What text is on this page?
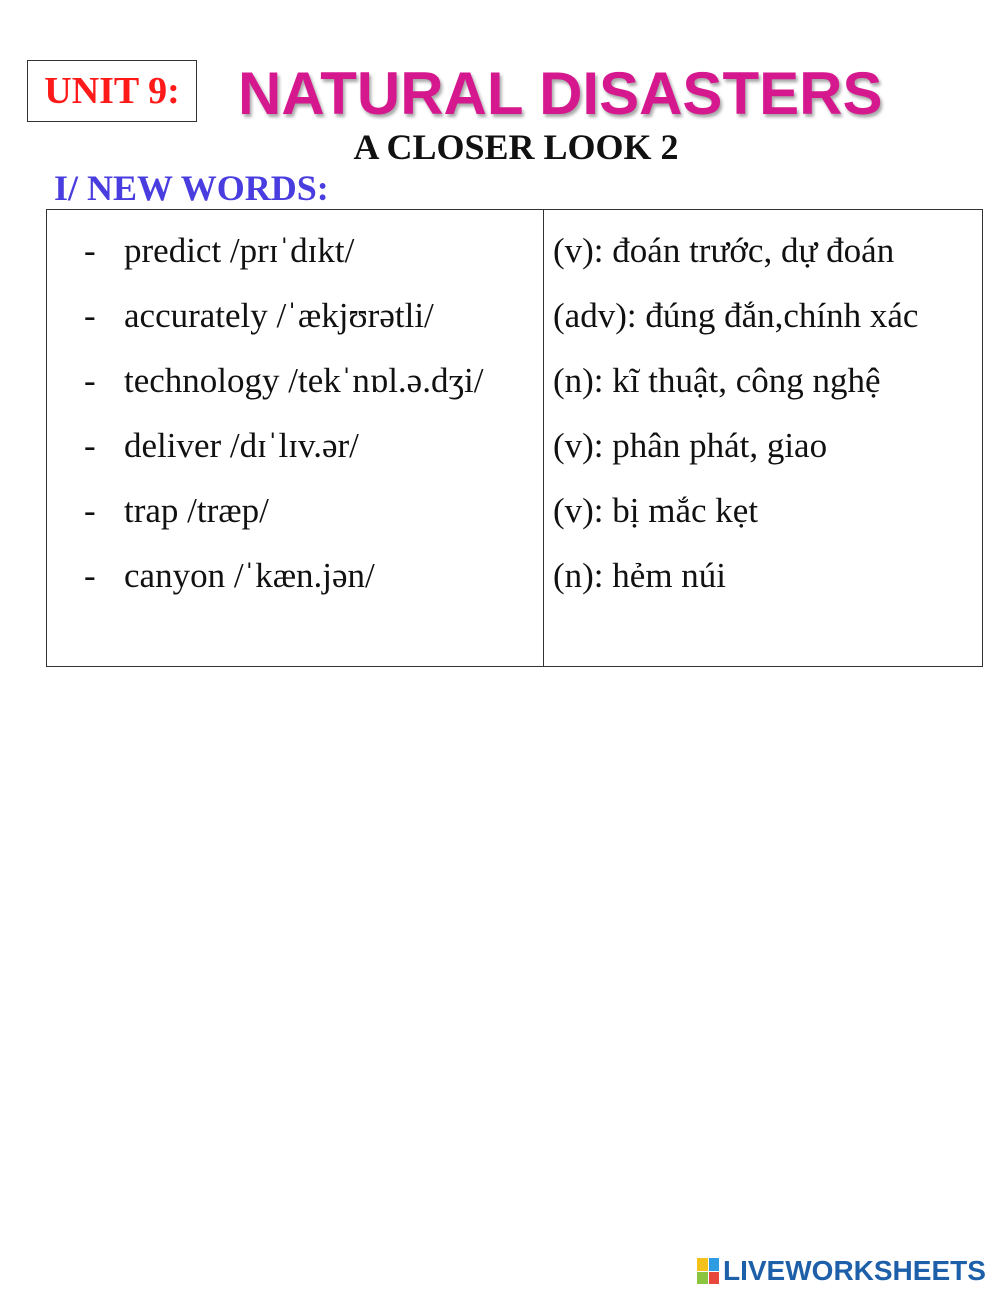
UNIT 9: NATURAL DISASTERS
A CLOSER LOOK 2
I/ NEW WORDS:
- predict /prɪˈdɪkt/
- accurately /ˈækjʊrətli/
- technology /tekˈnɒl.ə.dʒi/
- deliver /dɪˈlɪv.ər/
- trap /træp/
- canyon /ˈkæn.jən/
(v): đoán trước, dự đoán
(adv): đúng đắn,chính xác
(n): kĩ thuật, công nghệ
(v): phân phát, giao
(v): bị mắc kẹt
(n): hẻm núi
LIVEWORKSHEETS
